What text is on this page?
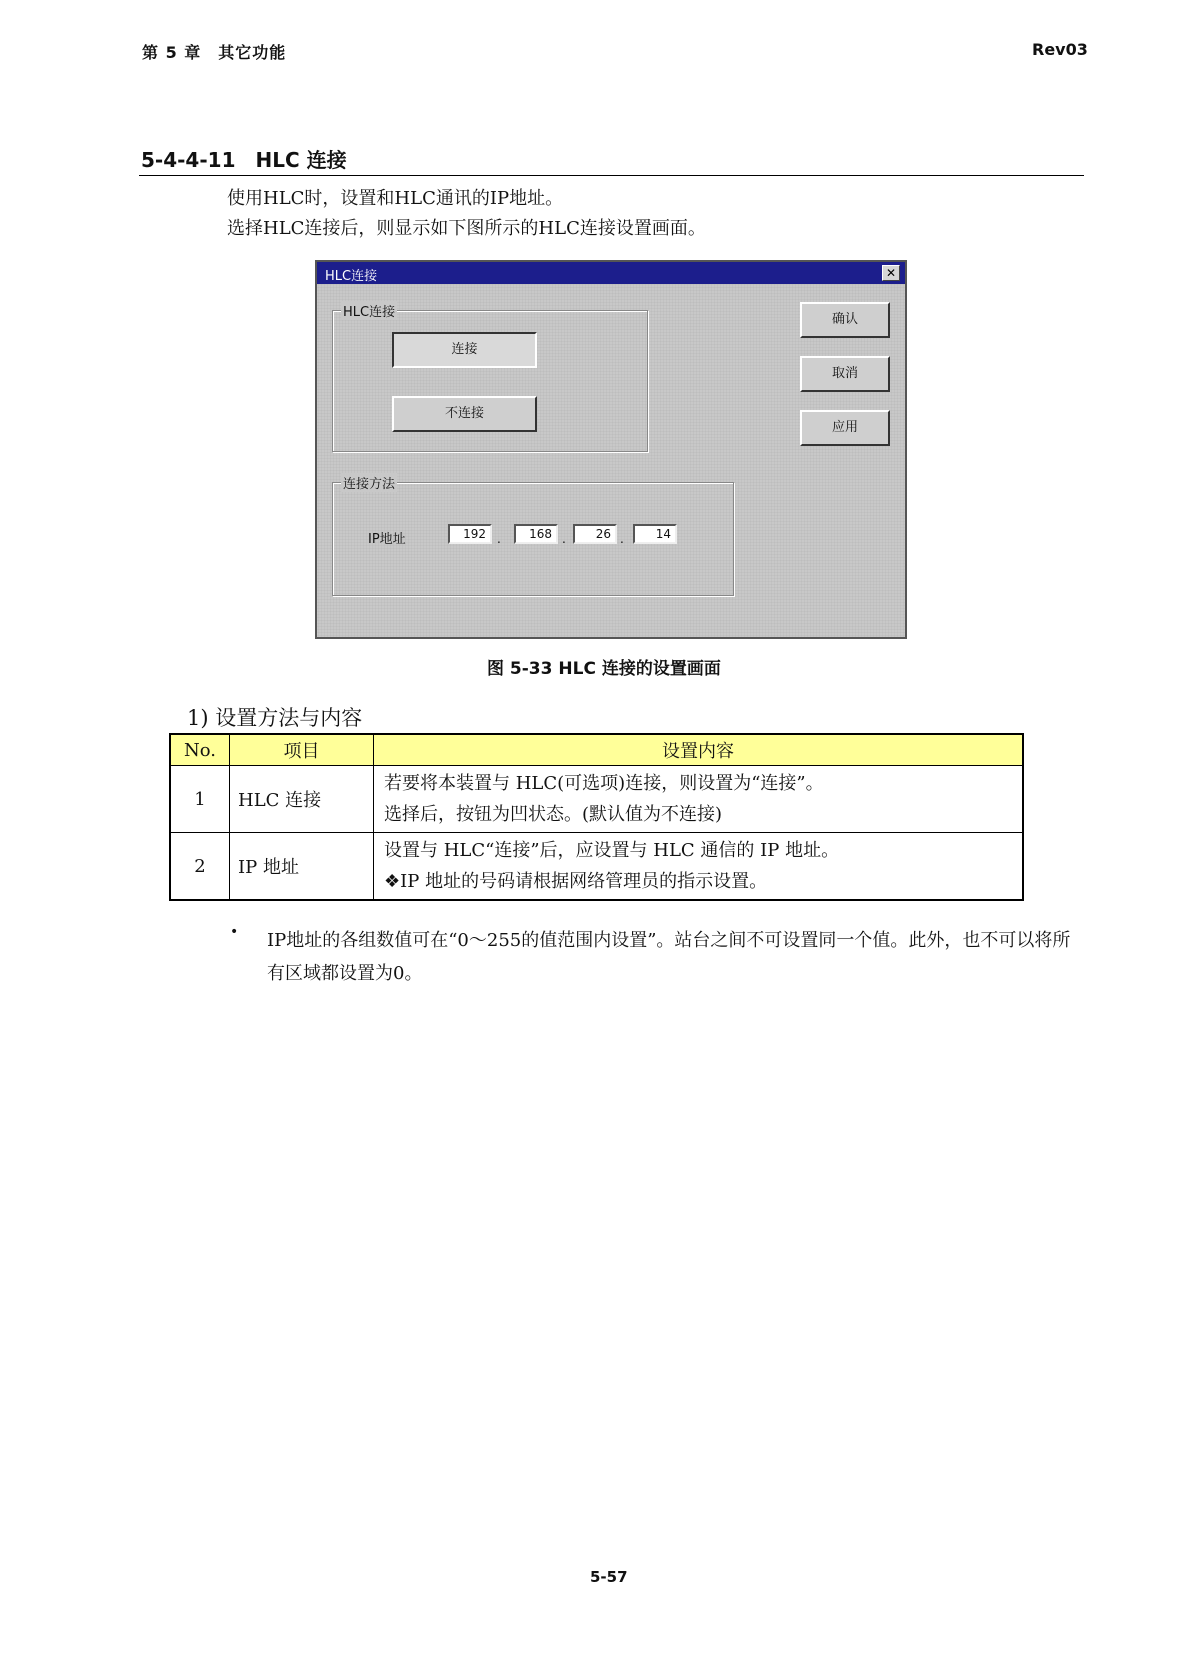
第 5 章　其它功能	Rev03
5-4-4-11　HLC 连接
使用HLC时，设置和HLC通讯的IP地址。
选择HLC连接后，则显示如下图所示的HLC连接设置画面。
HLC连接	✕
HLC连接
连接
不连接
连接方法
IP地址	192 .	168 .	26 .	14
确认
取消
应用
图 5-33 HLC 连接的设置画面
1) 设置方法与内容
No.	项目	设置内容
1	HLC 连接	若要将本装置与 HLC(可选项)连接，则设置为“连接”。
选择后，按钮为凹状态。(默认值为不连接)

2	IP 地址	设置与 HLC“连接”后，应设置与 HLC 通信的 IP 地址。
❖IP 地址的号码请根据网络管理员的指示设置。
• IP地址的各组数值可在“0～255的值范围内设置”。站台之间不可设置同一个值。此外，也不可以将所有区域都设置为0。
5-57
